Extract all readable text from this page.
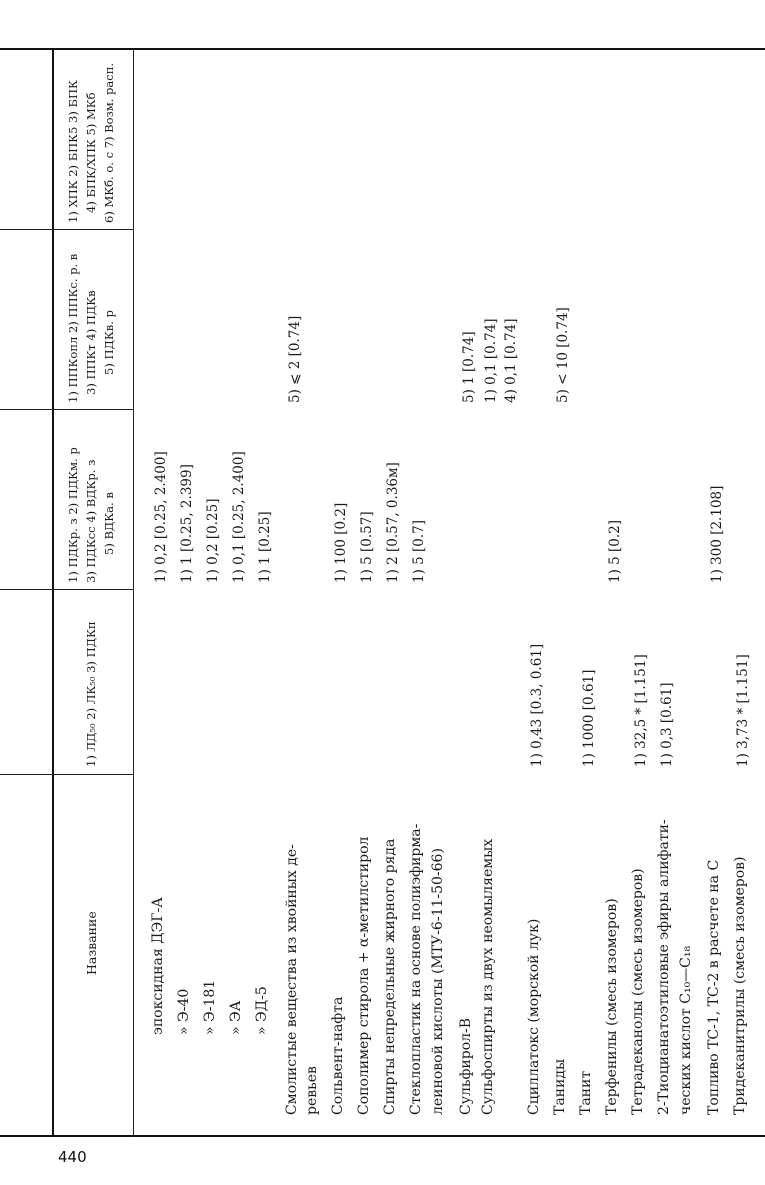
Название
1) ЛД₅₀ 2) ЛК₅₀ 3) ПДКп
1) ПДКр. з 2) ПДКм. р 3) ПДКсс 4) ВДКр. з 5) ВДКа. в
1) ППКопл 2) ППКс. р. в 3) ППКт 4) ПДКв 5) ПДКв. р
1) ХПК 2) БПК5 3) БПК 4) БПК/ХПК 5) МКб 6) МКб. о. с 7) Возм. расп.
эпоксидная ДЭГ-А
1) 0,2 [0.25, 2.400]
» Э-40
1) 1 [0.25, 2.399]
» Э-181
1) 0,2 [0.25]
» ЭА
1) 0,1 [0.25, 2.400]
» ЭД-5
1) 1 [0.25]
Смолистые вещества из хвойных де-
5) ⩽ 2 [0.74]
ревьев Сольвент-нафта
1) 100 [0.2]
Сополимер стирола + α-метилстирол
1) 5 [0.57]
Спирты непредельные жирного ряда
1) 2 [0.57, 0.36м]
Стеклопластик на основе полиэфирма-
1) 5 [0.7]
леиновой кислоты (МТУ-6-11-50-66) Сульфирол-В
5) 1 [0.74]
Сульфоспирты из двух неомыляемых
1) 0,1 [0.74] 4) 0,1 [0.74]
Сциллатокс (морской лук)
1) 0,43 [0.3, 0.61]
Таниды
5) < 10 [0.74]
Танит
1) 1000 [0.61]
Терфенилы (смесь изомеров)
1) 5 [0.2]
Тетрадеканолы (смесь изомеров)
1) 32,5 * [1.151]
2-Тиоцианатоэтиловые эфиры алифати-
1) 0,3 [0.61]
ческих кислот C₁₀—C₁₈ Топливо ТС-1, ТС-2 в расчете на С
1) 300 [2.108]
Тридеканитрилы (смесь изомеров)
1) 3,73 * [1.151]
440
